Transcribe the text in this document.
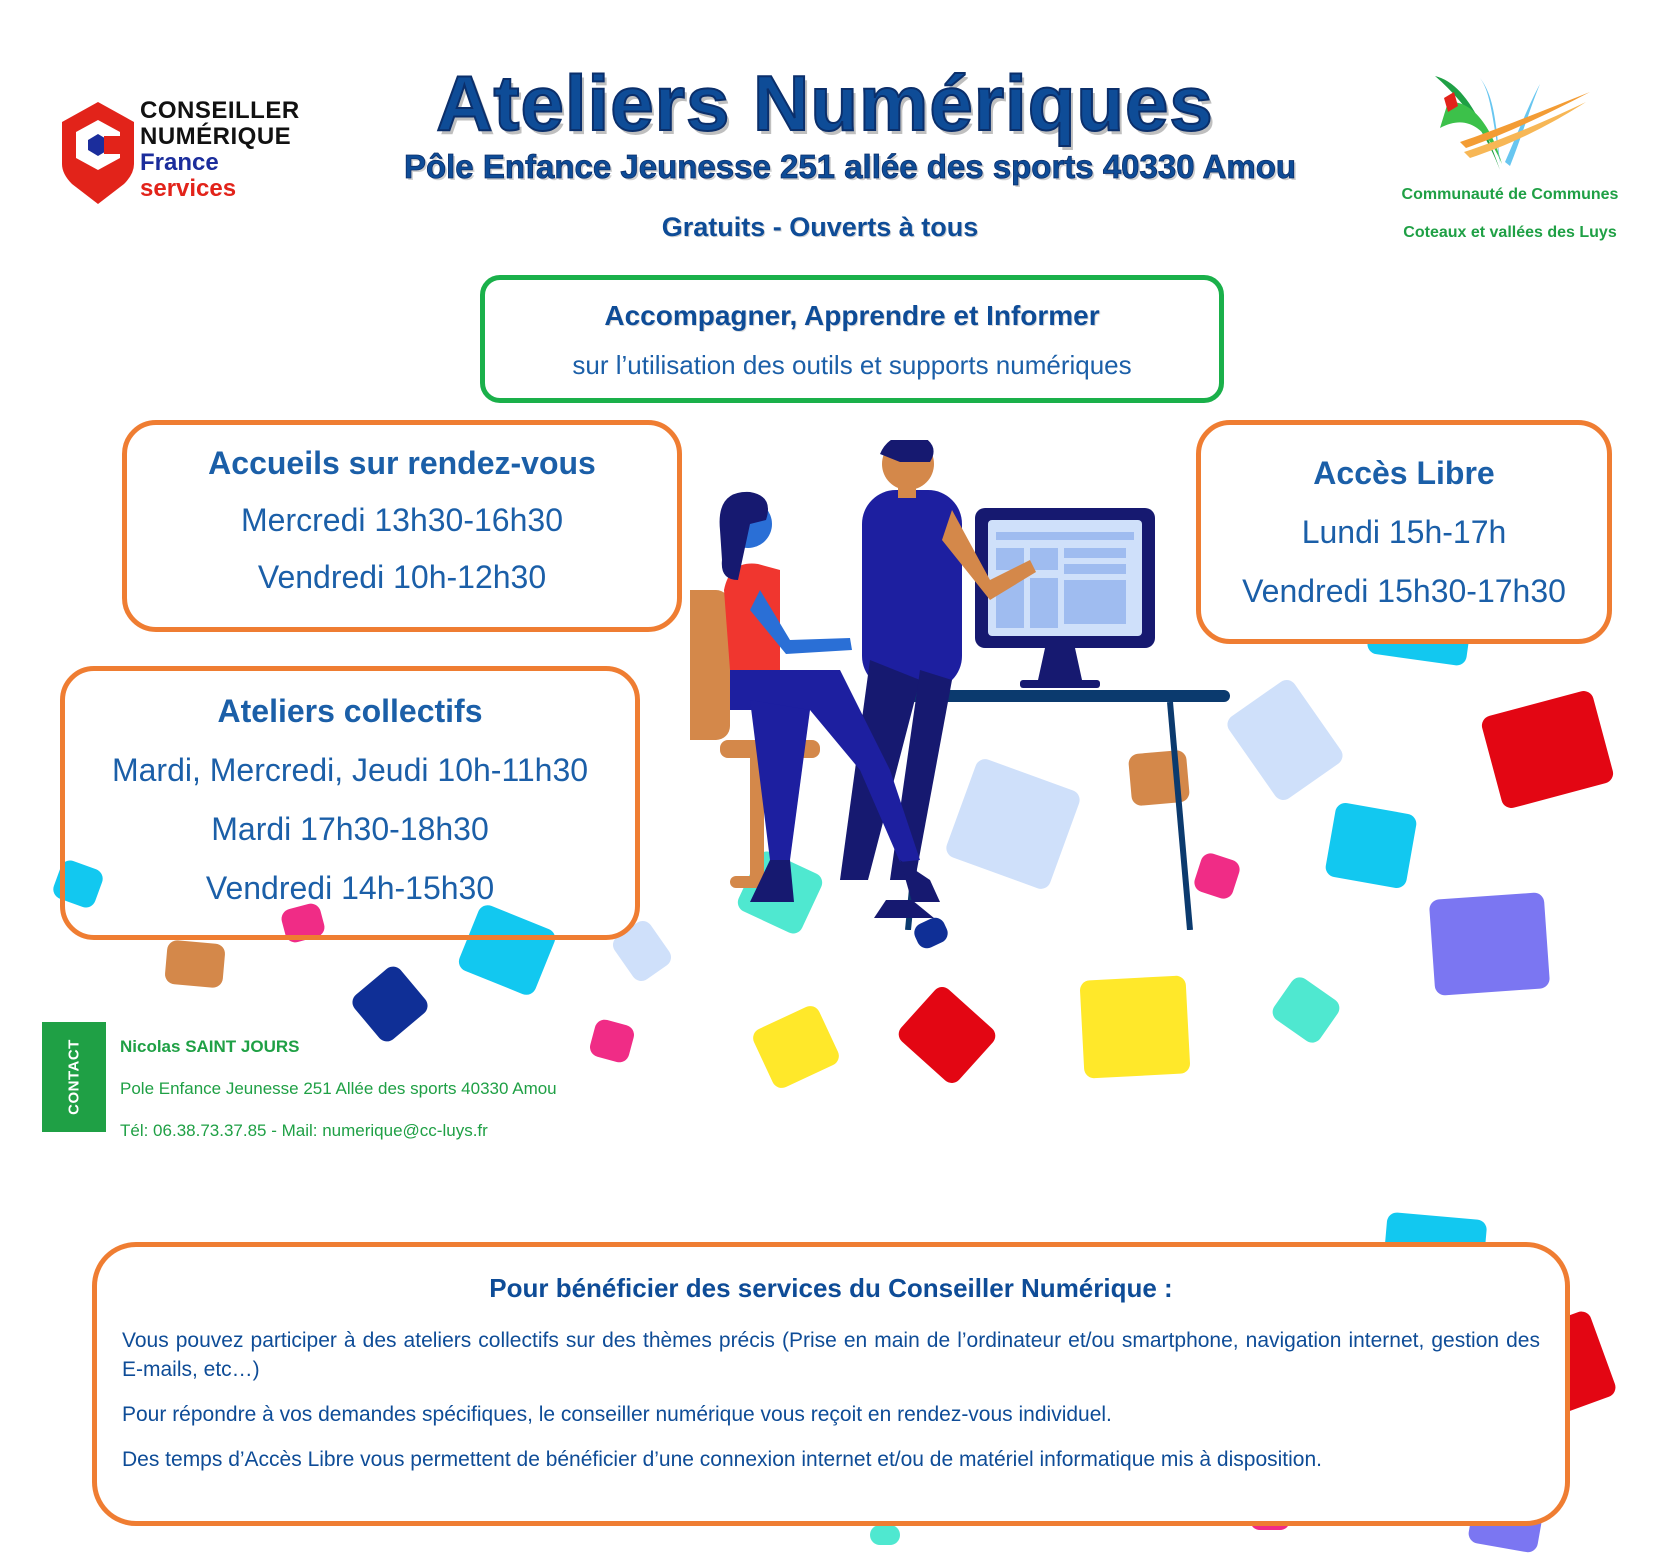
Ateliers Numériques
Pôle Enfance Jeunesse 251 allée des sports 40330 Amou
Gratuits - Ouverts à tous
CONSEILLER
NUMÉRIQUE
France
services	Communauté de Communes
Coteaux et vallées des Luys
Accompagner, Apprendre et Informer
sur l’utilisation des outils et supports numériques
Accueils sur rendez-vous
Mercredi 13h30-16h30
Vendredi 10h-12h30
Accès Libre
Lundi 15h-17h
Vendredi 15h30-17h30
Ateliers collectifs
Mardi, Mercredi, Jeudi 10h-11h30
Mardi 17h30-18h30
Vendredi 14h-15h30
CONTACT Nicolas SAINT JOURS
Pole Enfance Jeunesse 251 Allée des sports 40330 Amou
Tél: 06.38.73.37.85 - Mail: numerique@cc-luys.fr
Pour bénéficier des services du Conseiller Numérique :

Vous pouvez participer à des ateliers collectifs sur des thèmes précis (Prise en main de l’ordinateur et/ou smartphone, navigation internet, gestion des E-mails, etc…)

Pour répondre à vos demandes spécifiques, le conseiller numérique vous reçoit en rendez-vous individuel.

Des temps d’Accès Libre vous permettent de bénéficier d’une connexion internet et/ou de matériel informatique mis à disposition.
